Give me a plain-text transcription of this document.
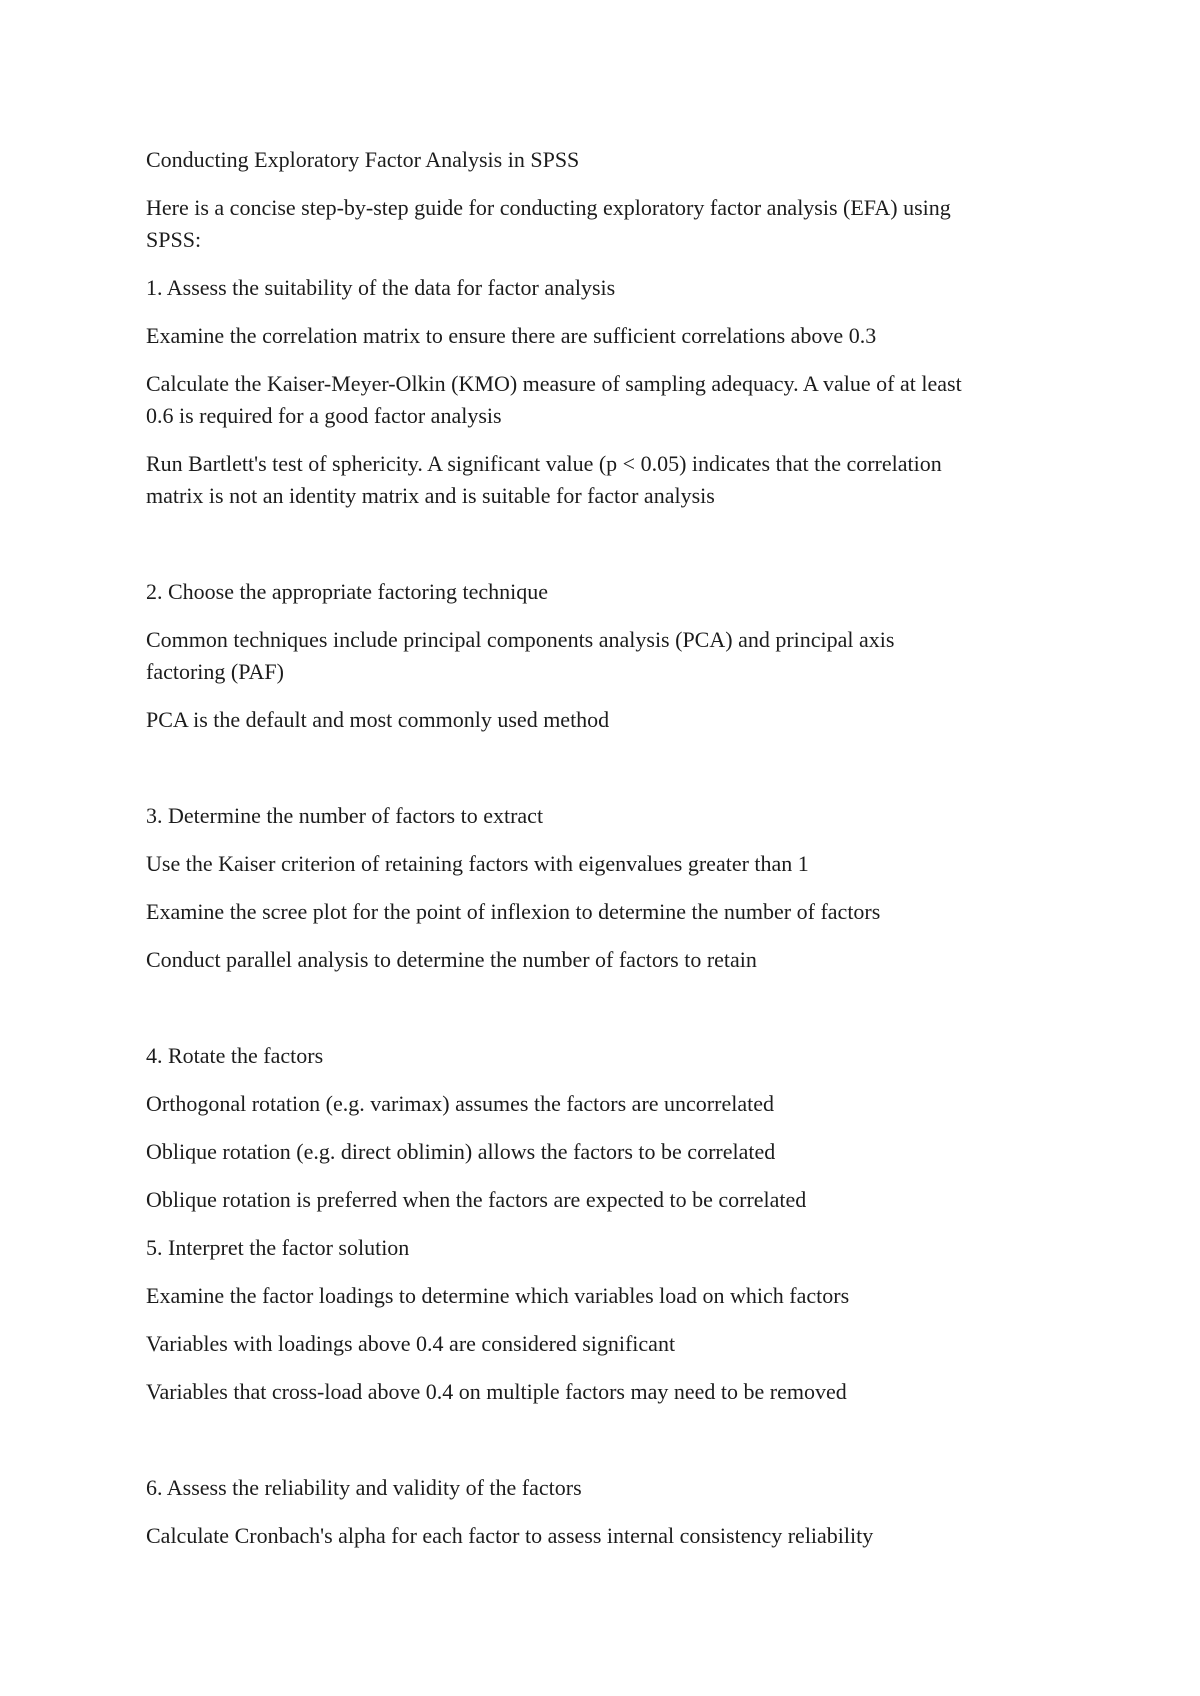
Conducting Exploratory Factor Analysis in SPSS

Here is a concise step-by-step guide for conducting exploratory factor analysis (EFA) using

SPSS:

1. Assess the suitability of the data for factor analysis

Examine the correlation matrix to ensure there are sufficient correlations above 0.3

Calculate the Kaiser-Meyer-Olkin (KMO) measure of sampling adequacy. A value of at least

0.6 is required for a good factor analysis

Run Bartlett's test of sphericity. A significant value (p < 0.05) indicates that the correlation

matrix is not an identity matrix and is suitable for factor analysis

2. Choose the appropriate factoring technique

Common techniques include principal components analysis (PCA) and principal axis

factoring (PAF)

PCA is the default and most commonly used method

3. Determine the number of factors to extract

Use the Kaiser criterion of retaining factors with eigenvalues greater than 1

Examine the scree plot for the point of inflexion to determine the number of factors

Conduct parallel analysis to determine the number of factors to retain

4. Rotate the factors

Orthogonal rotation (e.g. varimax) assumes the factors are uncorrelated

Oblique rotation (e.g. direct oblimin) allows the factors to be correlated

Oblique rotation is preferred when the factors are expected to be correlated

5. Interpret the factor solution

Examine the factor loadings to determine which variables load on which factors

Variables with loadings above 0.4 are considered significant

Variables that cross-load above 0.4 on multiple factors may need to be removed

6. Assess the reliability and validity of the factors

Calculate Cronbach's alpha for each factor to assess internal consistency reliability
